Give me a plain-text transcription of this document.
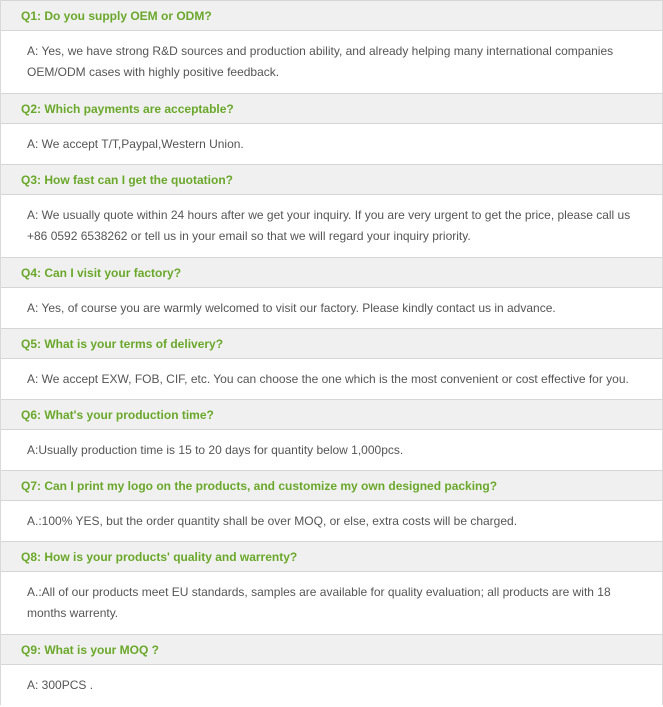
Q1: Do you supply OEM or ODM?
A: Yes, we have strong R&D sources and production ability, and already helping many international companies OEM/ODM cases with highly positive feedback.
Q2: Which payments are acceptable?
A: We accept T/T,Paypal,Western Union.
Q3: How fast can I get the quotation?
A: We usually quote within 24 hours after we get your inquiry. If you are very urgent to get the price, please call us +86 0592 6538262 or tell us in your email so that we will regard your inquiry priority.
Q4: Can I visit your factory?
A: Yes, of course you are warmly welcomed to visit our factory. Please kindly contact us in advance.
Q5: What is your terms of delivery?
A: We accept EXW, FOB, CIF, etc. You can choose the one which is the most convenient or cost effective for you.
Q6: What's your production time?
A:Usually production time is 15 to 20 days for quantity below 1,000pcs.
Q7: Can I print my logo on the products, and customize my own designed packing?
A.:100% YES, but the order quantity shall be over MOQ, or else, extra costs will be charged.
Q8: How is your products' quality and warrenty?
A.:All of our products meet EU standards, samples are available for quality evaluation; all products are with 18 months warrenty.
Q9: What is your MOQ ?
A: 300PCS .
